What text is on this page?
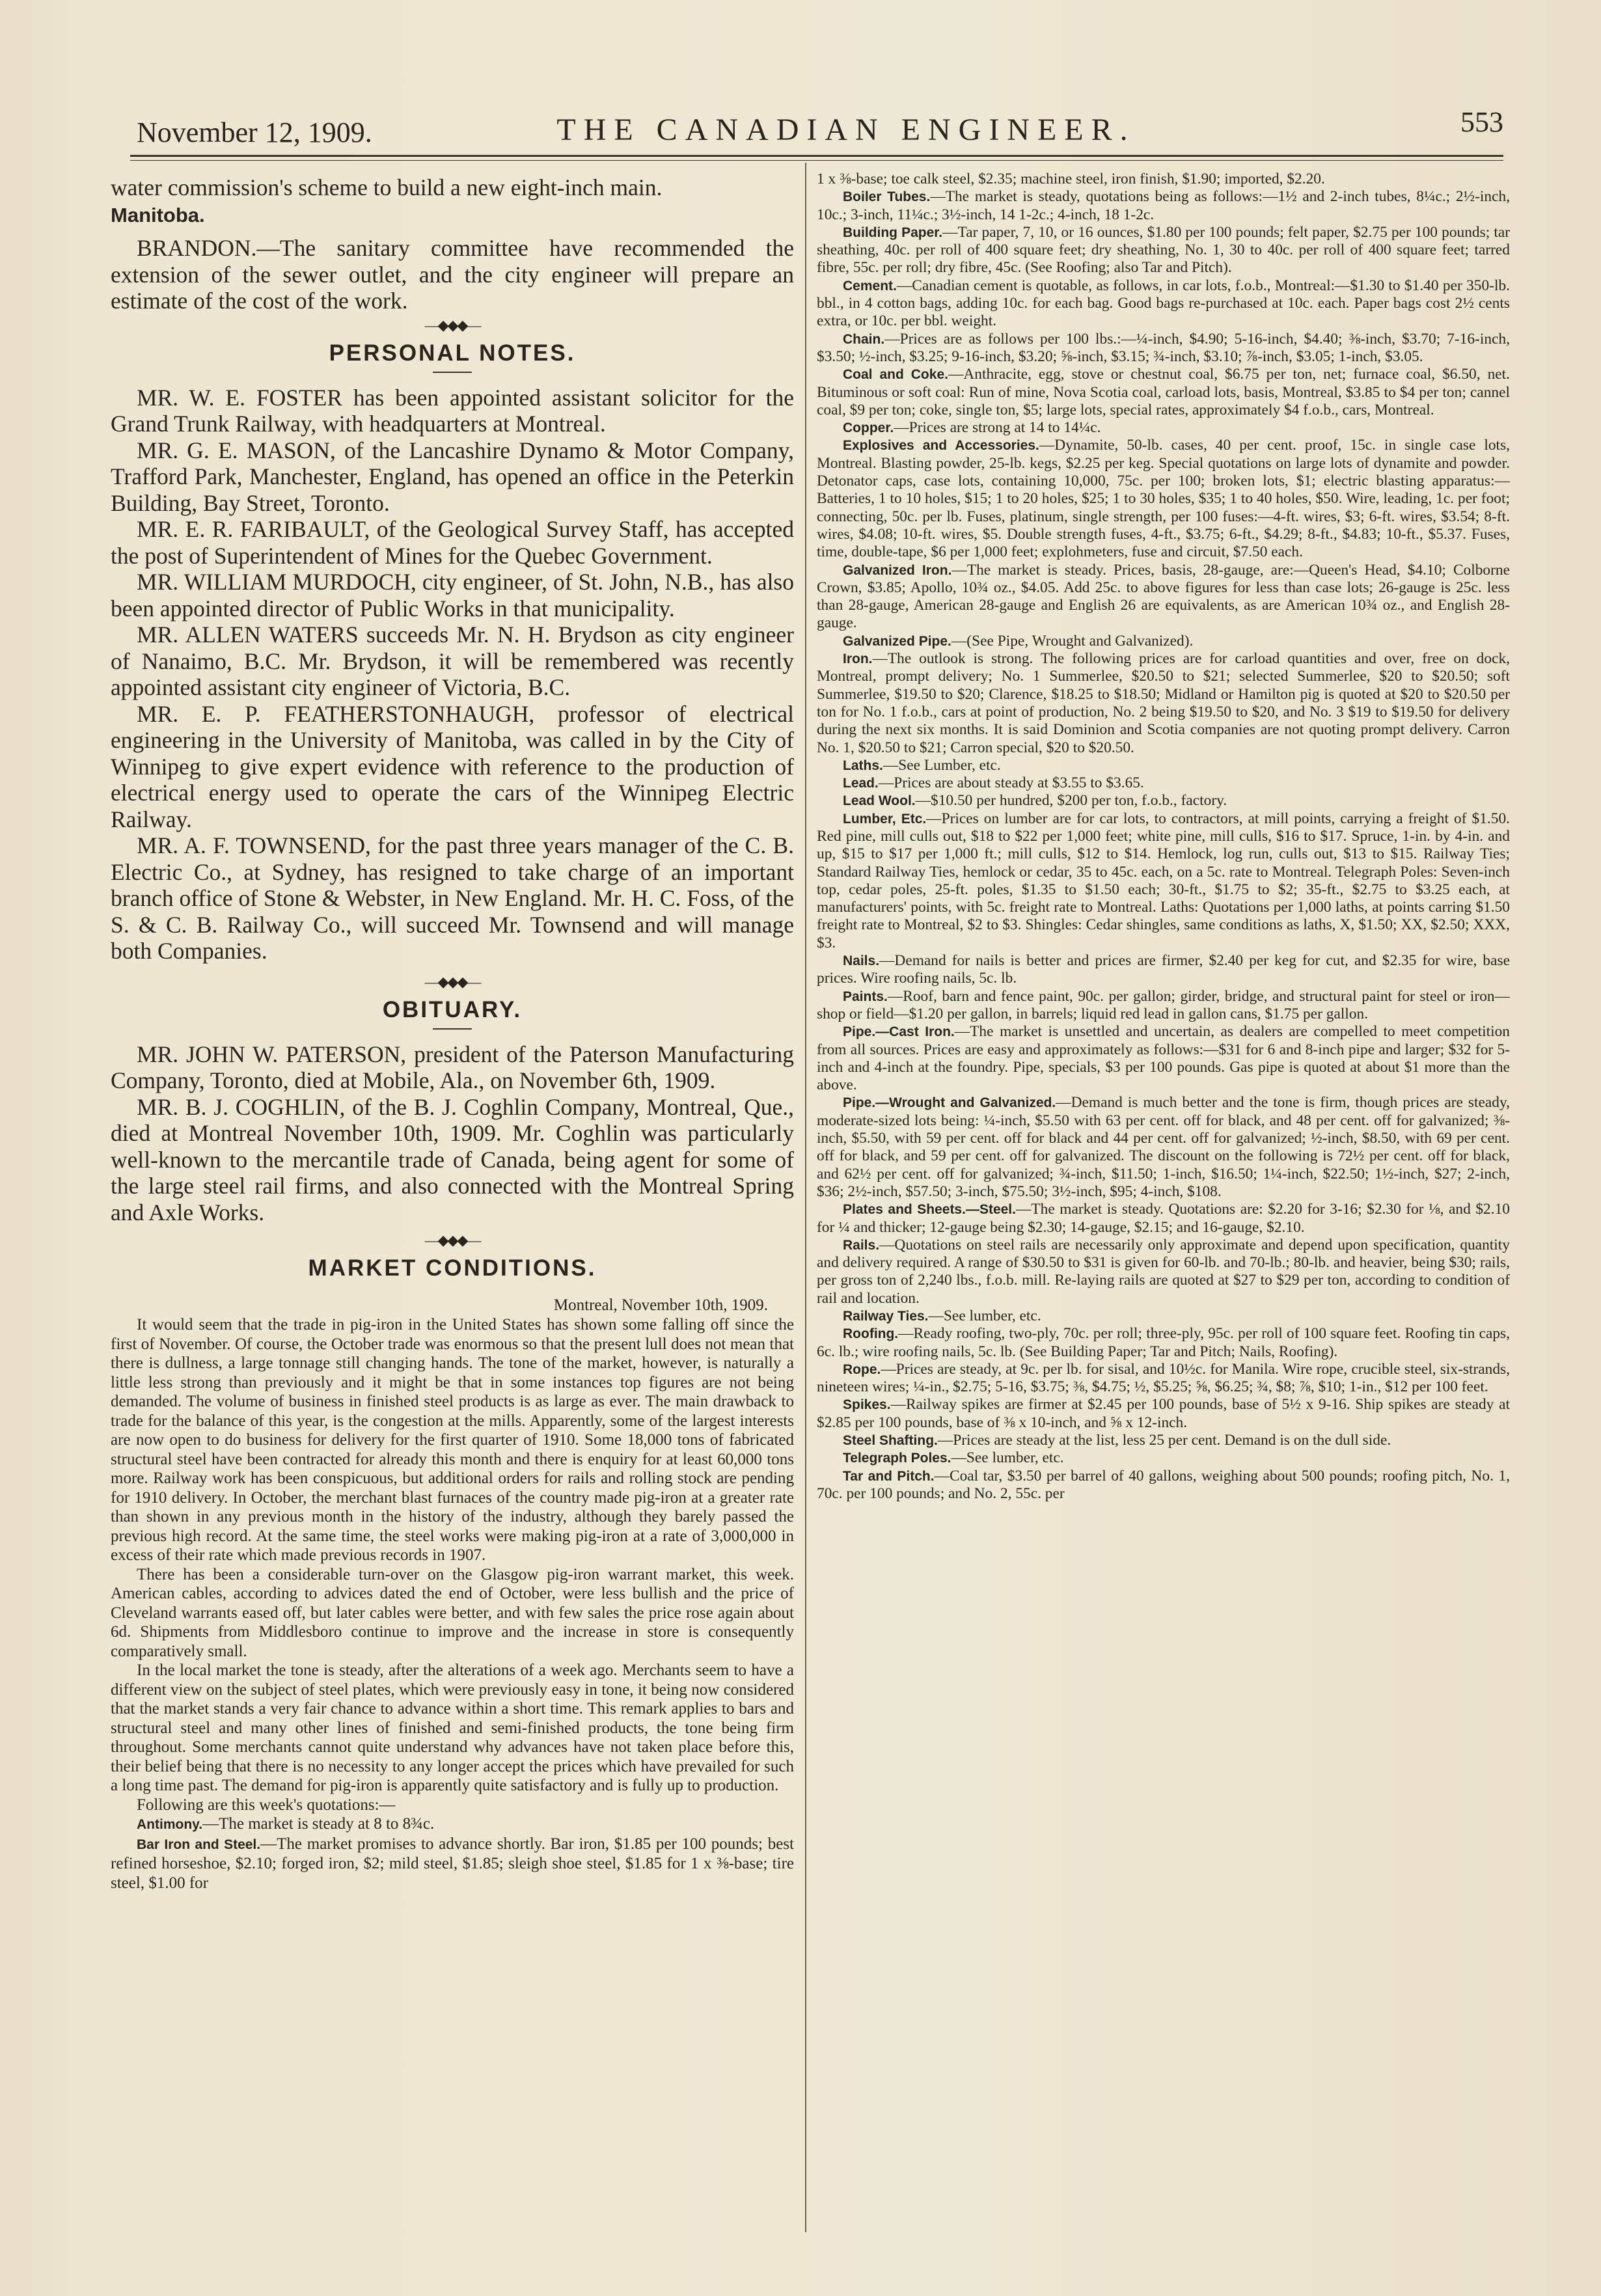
November 12, 1909.	THE CANADIAN ENGINEER.	553

water commission's scheme to build a new eight-inch main.

Manitoba.

BRANDON.—The sanitary committee have recommended the extension of the sewer outlet, and the city engineer will prepare an estimate of the cost of the work.

―◆◆◆―
PERSONAL NOTES.

MR. W. E. FOSTER has been appointed assistant solicitor for the Grand Trunk Railway, with headquarters at Montreal.

MR. G. E. MASON, of the Lancashire Dynamo & Motor Company, Trafford Park, Manchester, England, has opened an office in the Peterkin Building, Bay Street, Toronto.

MR. E. R. FARIBAULT, of the Geological Survey Staff, has accepted the post of Superintendent of Mines for the Quebec Government.

MR. WILLIAM MURDOCH, city engineer, of St. John, N.B., has also been appointed director of Public Works in that municipality.

MR. ALLEN WATERS succeeds Mr. N. H. Brydson as city engineer of Nanaimo, B.C. Mr. Brydson, it will be remembered was recently appointed assistant city engineer of Victoria, B.C.

MR. E. P. FEATHERSTONHAUGH, professor of electrical engineering in the University of Manitoba, was called in by the City of Winnipeg to give expert evidence with reference to the production of electrical energy used to operate the cars of the Winnipeg Electric Railway.

MR. A. F. TOWNSEND, for the past three years manager of the C. B. Electric Co., at Sydney, has resigned to take charge of an important branch office of Stone & Webster, in New England. Mr. H. C. Foss, of the S. & C. B. Railway Co., will succeed Mr. Townsend and will manage both Companies.

―◆◆◆―
OBITUARY.

MR. JOHN W. PATERSON, president of the Paterson Manufacturing Company, Toronto, died at Mobile, Ala., on November 6th, 1909.

MR. B. J. COGHLIN, of the B. J. Coghlin Company, Montreal, Que., died at Montreal November 10th, 1909. Mr. Coghlin was particularly well-known to the mercantile trade of Canada, being agent for some of the large steel rail firms, and also connected with the Montreal Spring and Axle Works.

―◆◆◆―
MARKET CONDITIONS.
Montreal, November 10th, 1909.

It would seem that the trade in pig-iron in the United States has shown some falling off since the first of November. Of course, the October trade was enormous so that the present lull does not mean that there is dullness, a large tonnage still changing hands. The tone of the market, however, is naturally a little less strong than previously and it might be that in some instances top figures are not being demanded. The volume of business in finished steel products is as large as ever. The main drawback to trade for the balance of this year, is the congestion at the mills. Apparently, some of the largest interests are now open to do business for delivery for the first quarter of 1910. Some 18,000 tons of fabricated structural steel have been contracted for already this month and there is enquiry for at least 60,000 tons more. Railway work has been conspicuous, but additional orders for rails and rolling stock are pending for 1910 delivery. In October, the merchant blast furnaces of the country made pig-iron at a greater rate than shown in any previous month in the history of the industry, although they barely passed the previous high record. At the same time, the steel works were making pig-iron at a rate of 3,000,000 in excess of their rate which made previous records in 1907.

There has been a considerable turn-over on the Glasgow pig-iron warrant market, this week. American cables, according to advices dated the end of October, were less bullish and the price of Cleveland warrants eased off, but later cables were better, and with few sales the price rose again about 6d. Shipments from Middlesboro continue to improve and the increase in store is consequently comparatively small.

In the local market the tone is steady, after the alterations of a week ago. Merchants seem to have a different view on the subject of steel plates, which were previously easy in tone, it being now considered that the market stands a very fair chance to advance within a short time. This remark applies to bars and structural steel and many other lines of finished and semi-finished products, the tone being firm throughout. Some merchants cannot quite understand why advances have not taken place before this, their belief being that there is no necessity to any longer accept the prices which have prevailed for such a long time past. The demand for pig-iron is apparently quite satisfactory and is fully up to production.

Following are this week's quotations:—

Antimony.—The market is steady at 8 to 8¾c.

Bar Iron and Steel.—The market promises to advance shortly. Bar iron, $1.85 per 100 pounds; best refined horseshoe, $2.10; forged iron, $2; mild steel, $1.85; sleigh shoe steel, $1.85 for 1 x ⅜-base; tire steel, $1.00 for

1 x ⅜-base; toe calk steel, $2.35; machine steel, iron finish, $1.90; imported, $2.20.

Boiler Tubes.—The market is steady, quotations being as follows:—1½ and 2-inch tubes, 8¼c.; 2½-inch, 10c.; 3-inch, 11¼c.; 3½-inch, 14 1-2c.; 4-inch, 18 1-2c.

Building Paper.—Tar paper, 7, 10, or 16 ounces, $1.80 per 100 pounds; felt paper, $2.75 per 100 pounds; tar sheathing, 40c. per roll of 400 square feet; dry sheathing, No. 1, 30 to 40c. per roll of 400 square feet; tarred fibre, 55c. per roll; dry fibre, 45c. (See Roofing; also Tar and Pitch).

Cement.—Canadian cement is quotable, as follows, in car lots, f.o.b., Montreal:—$1.30 to $1.40 per 350-lb. bbl., in 4 cotton bags, adding 10c. for each bag. Good bags re-purchased at 10c. each. Paper bags cost 2½ cents extra, or 10c. per bbl. weight.

Chain.—Prices are as follows per 100 lbs.:—¼-inch, $4.90; 5-16-inch, $4.40; ⅜-inch, $3.70; 7-16-inch, $3.50; ½-inch, $3.25; 9-16-inch, $3.20; ⅝-inch, $3.15; ¾-inch, $3.10; ⅞-inch, $3.05; 1-inch, $3.05.

Coal and Coke.—Anthracite, egg, stove or chestnut coal, $6.75 per ton, net; furnace coal, $6.50, net. Bituminous or soft coal: Run of mine, Nova Scotia coal, carload lots, basis, Montreal, $3.85 to $4 per ton; cannel coal, $9 per ton; coke, single ton, $5; large lots, special rates, approximately $4 f.o.b., cars, Montreal.

Copper.—Prices are strong at 14 to 14¼c.

Explosives and Accessories.—Dynamite, 50-lb. cases, 40 per cent. proof, 15c. in single case lots, Montreal. Blasting powder, 25-lb. kegs, $2.25 per keg. Special quotations on large lots of dynamite and powder. Detonator caps, case lots, containing 10,000, 75c. per 100; broken lots, $1; electric blasting apparatus:—Batteries, 1 to 10 holes, $15; 1 to 20 holes, $25; 1 to 30 holes, $35; 1 to 40 holes, $50. Wire, leading, 1c. per foot; connecting, 50c. per lb. Fuses, platinum, single strength, per 100 fuses:—4-ft. wires, $3; 6-ft. wires, $3.54; 8-ft. wires, $4.08; 10-ft. wires, $5. Double strength fuses, 4-ft., $3.75; 6-ft., $4.29; 8-ft., $4.83; 10-ft., $5.37. Fuses, time, double-tape, $6 per 1,000 feet; explohmeters, fuse and circuit, $7.50 each.

Galvanized Iron.—The market is steady. Prices, basis, 28-gauge, are:—Queen's Head, $4.10; Colborne Crown, $3.85; Apollo, 10¾ oz., $4.05. Add 25c. to above figures for less than case lots; 26-gauge is 25c. less than 28-gauge, American 28-gauge and English 26 are equivalents, as are American 10¾ oz., and English 28-gauge.

Galvanized Pipe.—(See Pipe, Wrought and Galvanized).

Iron.—The outlook is strong. The following prices are for carload quantities and over, free on dock, Montreal, prompt delivery; No. 1 Summerlee, $20.50 to $21; selected Summerlee, $20 to $20.50; soft Summerlee, $19.50 to $20; Clarence, $18.25 to $18.50; Midland or Hamilton pig is quoted at $20 to $20.50 per ton for No. 1 f.o.b., cars at point of production, No. 2 being $19.50 to $20, and No. 3 $19 to $19.50 for delivery during the next six months. It is said Dominion and Scotia companies are not quoting prompt delivery. Carron No. 1, $20.50 to $21; Carron special, $20 to $20.50.

Laths.—See Lumber, etc.

Lead.—Prices are about steady at $3.55 to $3.65.

Lead Wool.—$10.50 per hundred, $200 per ton, f.o.b., factory.

Lumber, Etc.—Prices on lumber are for car lots, to contractors, at mill points, carrying a freight of $1.50. Red pine, mill culls out, $18 to $22 per 1,000 feet; white pine, mill culls, $16 to $17. Spruce, 1-in. by 4-in. and up, $15 to $17 per 1,000 ft.; mill culls, $12 to $14. Hemlock, log run, culls out, $13 to $15. Railway Ties; Standard Railway Ties, hemlock or cedar, 35 to 45c. each, on a 5c. rate to Montreal. Telegraph Poles: Seven-inch top, cedar poles, 25-ft. poles, $1.35 to $1.50 each; 30-ft., $1.75 to $2; 35-ft., $2.75 to $3.25 each, at manufacturers' points, with 5c. freight rate to Montreal. Laths: Quotations per 1,000 laths, at points carring $1.50 freight rate to Montreal, $2 to $3. Shingles: Cedar shingles, same conditions as laths, X, $1.50; XX, $2.50; XXX, $3.

Nails.—Demand for nails is better and prices are firmer, $2.40 per keg for cut, and $2.35 for wire, base prices. Wire roofing nails, 5c. lb.

Paints.—Roof, barn and fence paint, 90c. per gallon; girder, bridge, and structural paint for steel or iron—shop or field—$1.20 per gallon, in barrels; liquid red lead in gallon cans, $1.75 per gallon.

Pipe.—Cast Iron.—The market is unsettled and uncertain, as dealers are compelled to meet competition from all sources. Prices are easy and approximately as follows:—$31 for 6 and 8-inch pipe and larger; $32 for 5-inch and 4-inch at the foundry. Pipe, specials, $3 per 100 pounds. Gas pipe is quoted at about $1 more than the above.

Pipe.—Wrought and Galvanized.—Demand is much better and the tone is firm, though prices are steady, moderate-sized lots being: ¼-inch, $5.50 with 63 per cent. off for black, and 48 per cent. off for galvanized; ⅜-inch, $5.50, with 59 per cent. off for black and 44 per cent. off for galvanized; ½-inch, $8.50, with 69 per cent. off for black, and 59 per cent. off for galvanized. The discount on the following is 72½ per cent. off for black, and 62½ per cent. off for galvanized; ¾-inch, $11.50; 1-inch, $16.50; 1¼-inch, $22.50; 1½-inch, $27; 2-inch, $36; 2½-inch, $57.50; 3-inch, $75.50; 3½-inch, $95; 4-inch, $108.

Plates and Sheets.—Steel.—The market is steady. Quotations are: $2.20 for 3-16; $2.30 for ⅛, and $2.10 for ¼ and thicker; 12-gauge being $2.30; 14-gauge, $2.15; and 16-gauge, $2.10.

Rails.—Quotations on steel rails are necessarily only approximate and depend upon specification, quantity and delivery required. A range of $30.50 to $31 is given for 60-lb. and 70-lb.; 80-lb. and heavier, being $30; rails, per gross ton of 2,240 lbs., f.o.b. mill. Re-laying rails are quoted at $27 to $29 per ton, according to condition of rail and location.

Railway Ties.—See lumber, etc.

Roofing.—Ready roofing, two-ply, 70c. per roll; three-ply, 95c. per roll of 100 square feet. Roofing tin caps, 6c. lb.; wire roofing nails, 5c. lb. (See Building Paper; Tar and Pitch; Nails, Roofing).

Rope.—Prices are steady, at 9c. per lb. for sisal, and 10½c. for Manila. Wire rope, crucible steel, six-strands, nineteen wires; ¼-in., $2.75; 5-16, $3.75; ⅜, $4.75; ½, $5.25; ⅝, $6.25; ¾, $8; ⅞, $10; 1-in., $12 per 100 feet.

Spikes.—Railway spikes are firmer at $2.45 per 100 pounds, base of 5½ x 9-16. Ship spikes are steady at $2.85 per 100 pounds, base of ⅜ x 10-inch, and ⅝ x 12-inch.

Steel Shafting.—Prices are steady at the list, less 25 per cent. Demand is on the dull side.

Telegraph Poles.—See lumber, etc.

Tar and Pitch.—Coal tar, $3.50 per barrel of 40 gallons, weighing about 500 pounds; roofing pitch, No. 1, 70c. per 100 pounds; and No. 2, 55c. per
